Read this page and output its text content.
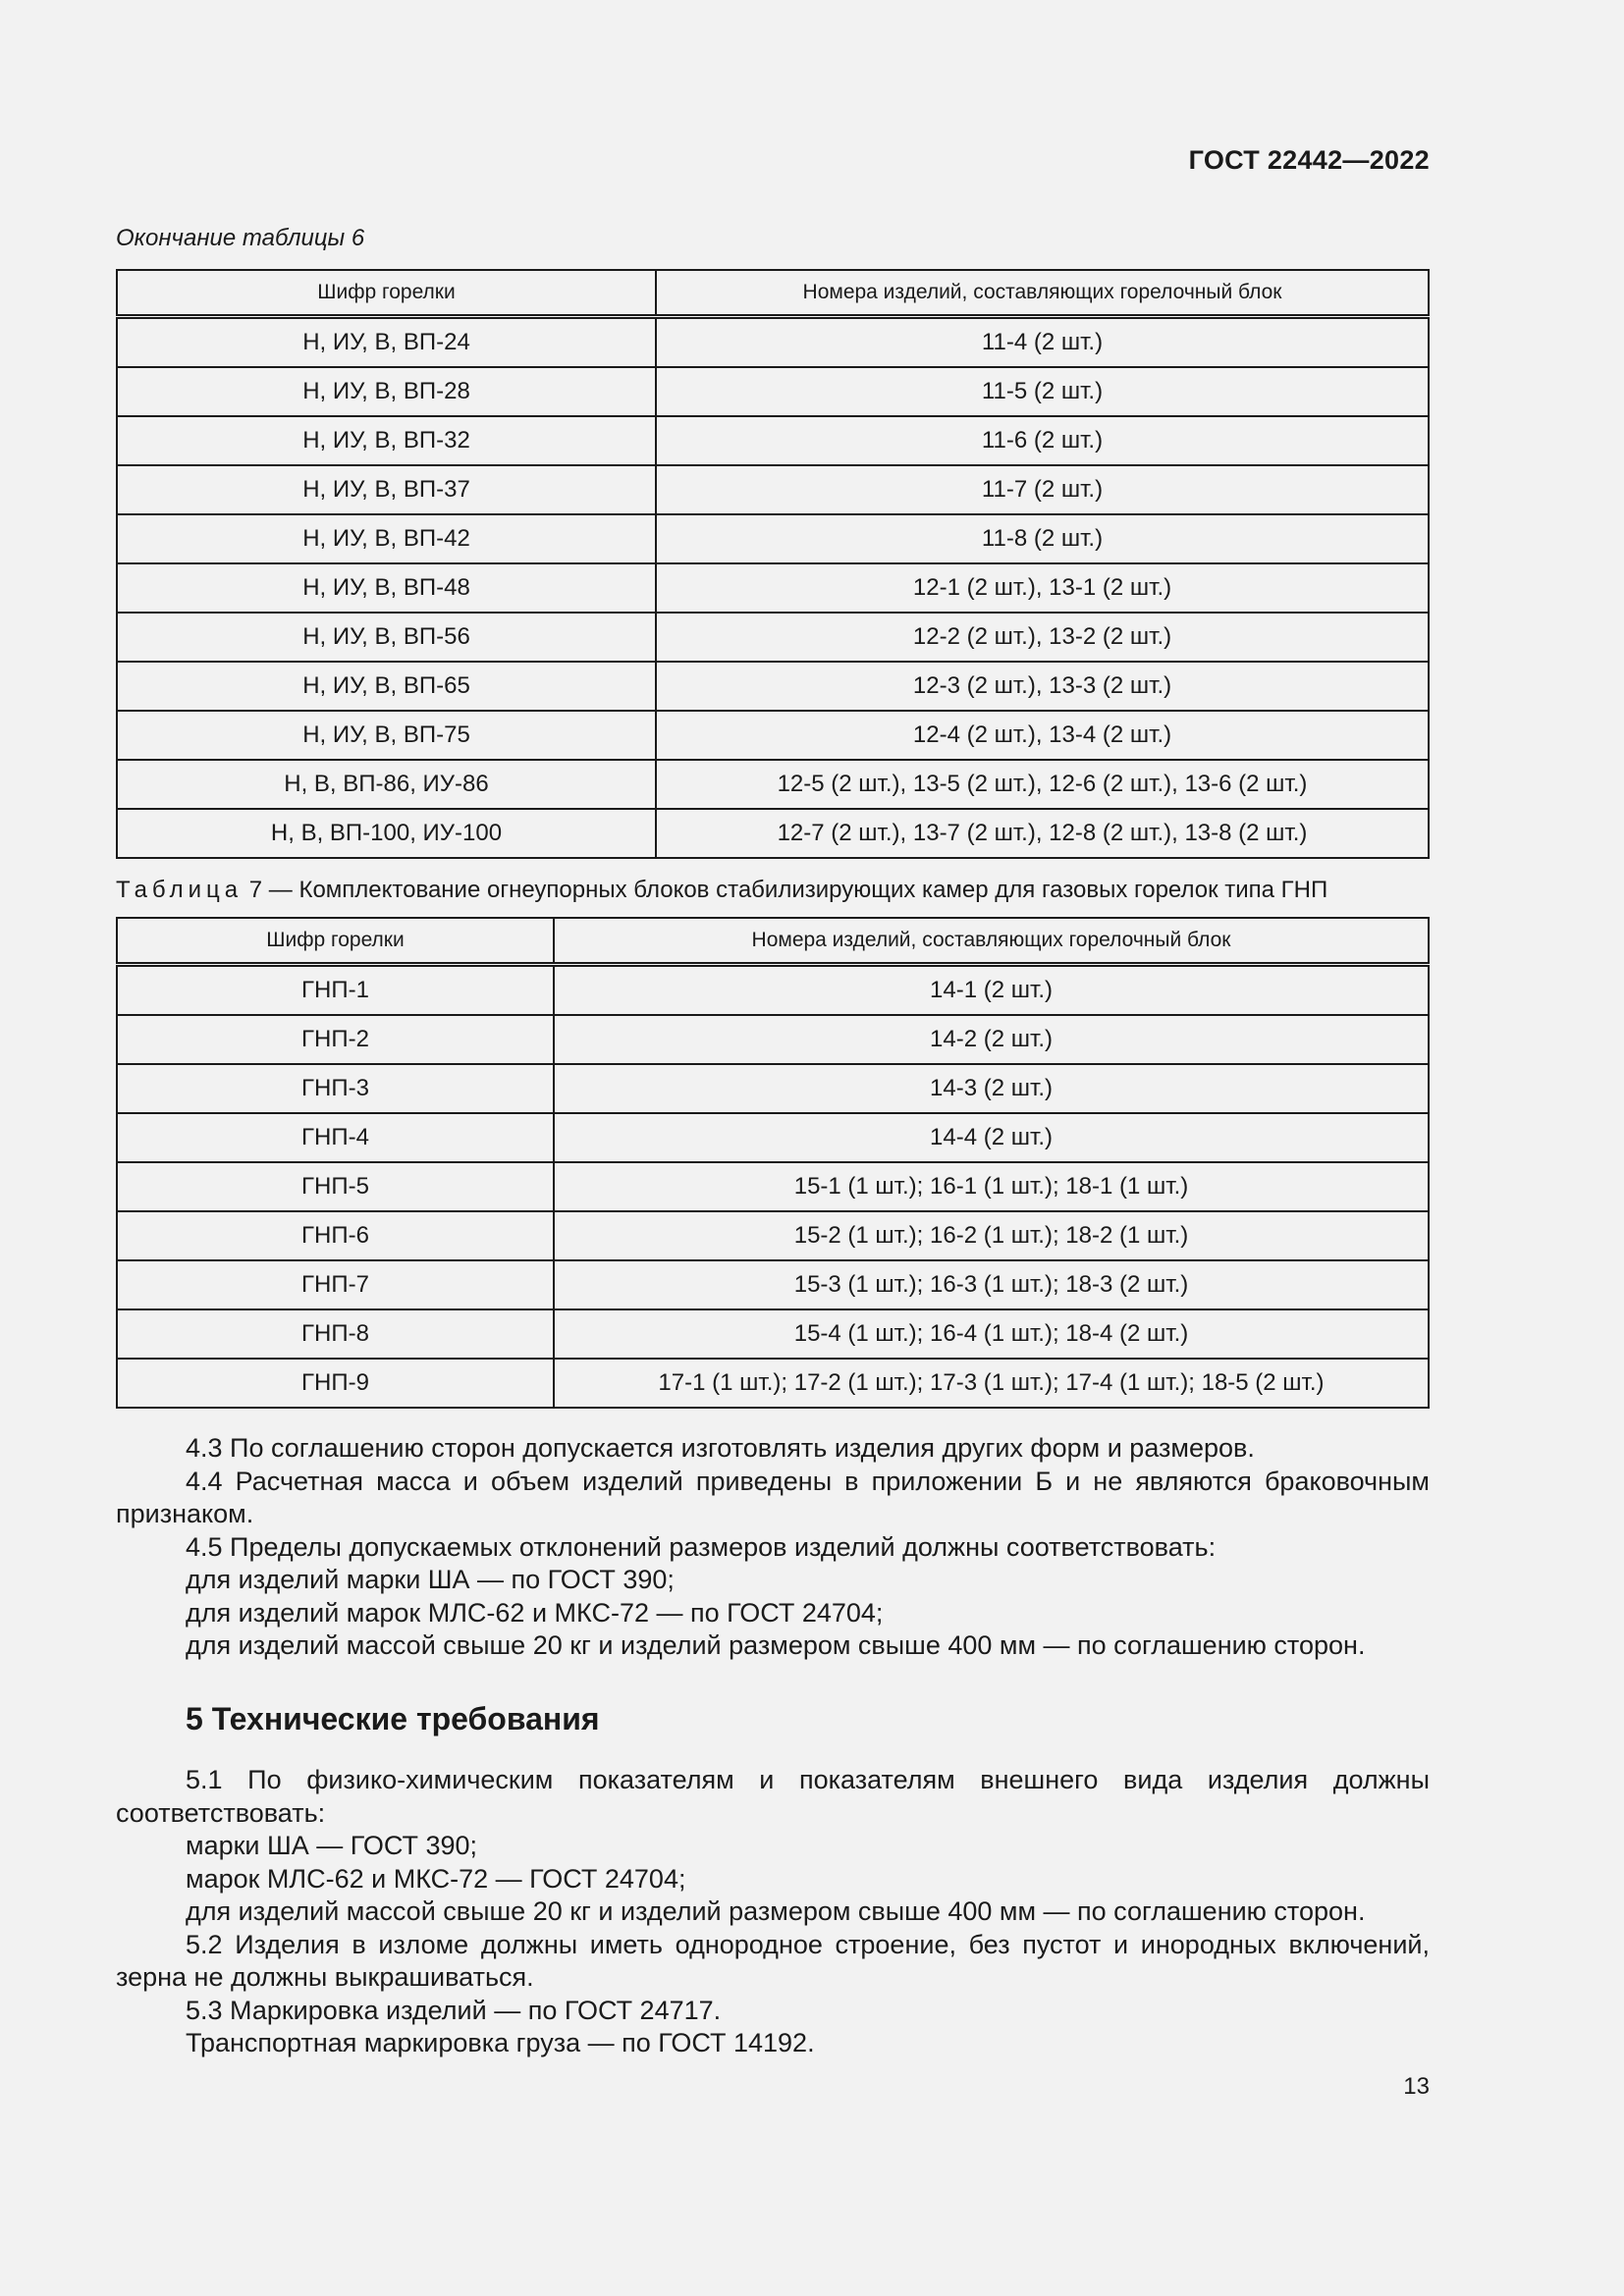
ГОСТ 22442—2022
Окончание таблицы 6
Шифр горелки	Номера изделий, составляющих горелочный блок
Н, ИУ, В, ВП-24	11-4 (2 шт.)
Н, ИУ, В, ВП-28	11-5 (2 шт.)
Н, ИУ, В, ВП-32	11-6 (2 шт.)
Н, ИУ, В, ВП-37	11-7 (2 шт.)
Н, ИУ, В, ВП-42	11-8 (2 шт.)
Н, ИУ, В, ВП-48	12-1 (2 шт.), 13-1 (2 шт.)
Н, ИУ, В, ВП-56	12-2 (2 шт.), 13-2 (2 шт.)
Н, ИУ, В, ВП-65	12-3 (2 шт.), 13-3 (2 шт.)
Н, ИУ, В, ВП-75	12-4 (2 шт.), 13-4 (2 шт.)
Н, В, ВП-86, ИУ-86	12-5 (2 шт.), 13-5 (2 шт.), 12-6 (2 шт.), 13-6 (2 шт.)
Н, В, ВП-100, ИУ-100	12-7 (2 шт.), 13-7 (2 шт.), 12-8 (2 шт.), 13-8 (2 шт.)
Таблица 7 — Комплектование огнеупорных блоков стабилизирующих камер для газовых горелок типа ГНП
Шифр горелки	Номера изделий, составляющих горелочный блок
ГНП-1	14-1 (2 шт.)
ГНП-2	14-2 (2 шт.)
ГНП-3	14-3 (2 шт.)
ГНП-4	14-4 (2 шт.)
ГНП-5	15-1 (1 шт.); 16-1 (1 шт.); 18-1 (1 шт.)
ГНП-6	15-2 (1 шт.); 16-2 (1 шт.); 18-2 (1 шт.)
ГНП-7	15-3 (1 шт.); 16-3 (1 шт.); 18-3 (2 шт.)
ГНП-8	15-4 (1 шт.); 16-4 (1 шт.); 18-4 (2 шт.)
ГНП-9	17-1 (1 шт.); 17-2 (1 шт.); 17-3 (1 шт.); 17-4 (1 шт.); 18-5 (2 шт.)

4.3 По соглашению сторон допускается изготовлять изделия других форм и размеров.

4.4 Расчетная масса и объем изделий приведены в приложении Б и не являются браковочным признаком.

4.5 Пределы допускаемых отклонений размеров изделий должны соответствовать:

для изделий марки ША — по ГОСТ 390;

для изделий марок МЛС-62 и МКС-72 — по ГОСТ 24704;

для изделий массой свыше 20 кг и изделий размером свыше 400 мм — по соглашению сторон.

5 Технические требования

5.1 По физико-химическим показателям и показателям внешнего вида изделия должны соответствовать:

марки ША — ГОСТ 390;

марок МЛС-62 и МКС-72 — ГОСТ 24704;

для изделий массой свыше 20 кг и изделий размером свыше 400 мм — по соглашению сторон.

5.2 Изделия в изломе должны иметь однородное строение, без пустот и инородных включений, зерна не должны выкрашиваться.

5.3 Маркировка изделий — по ГОСТ 24717.

Транспортная маркировка груза — по ГОСТ 14192.

13
